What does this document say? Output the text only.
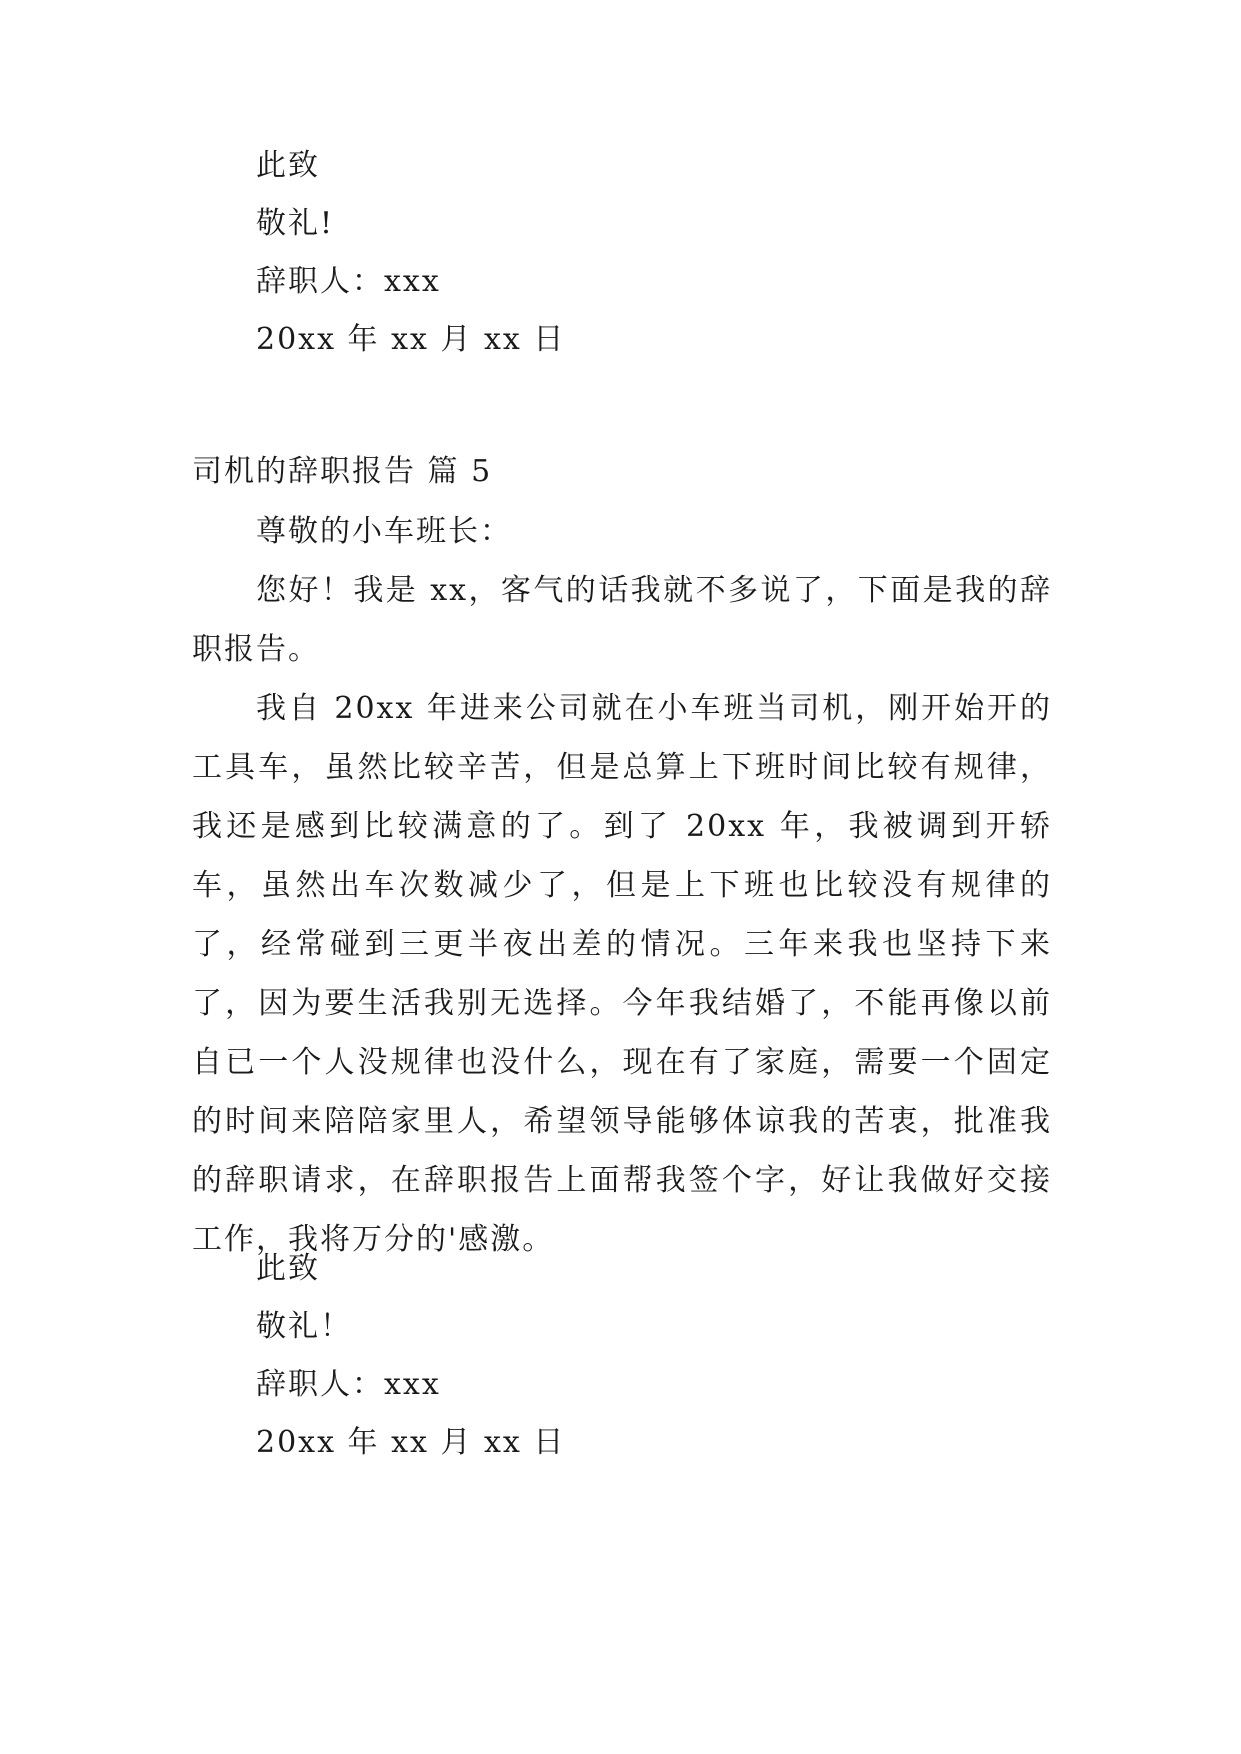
此致
敬礼!
辞职人：xxx
20xx 年 xx 月 xx 日
司机的辞职报告 篇 5
尊敬的小车班长：

您好！我是 xx，客气的话我就不多说了，下面是我的辞职报告。

我自 20xx 年进来公司就在小车班当司机，刚开始开的工具车，虽然比较辛苦，但是总算上下班时间比较有规律，我还是感到比较满意的了。到了 20xx 年，我被调到开轿车，虽然出车次数减少了，但是上下班也比较没有规律的了，经常碰到三更半夜出差的情况。三年来我也坚持下来了，因为要生活我别无选择。今年我结婚了，不能再像以前自已一个人没规律也没什么，现在有了家庭，需要一个固定的时间来陪陪家里人，希望领导能够体谅我的苦衷，批准我的辞职请求，在辞职报告上面帮我签个字，好让我做好交接工作，我将万分的'感激。

此致
敬礼！
辞职人：xxx
20xx 年 xx 月 xx 日
